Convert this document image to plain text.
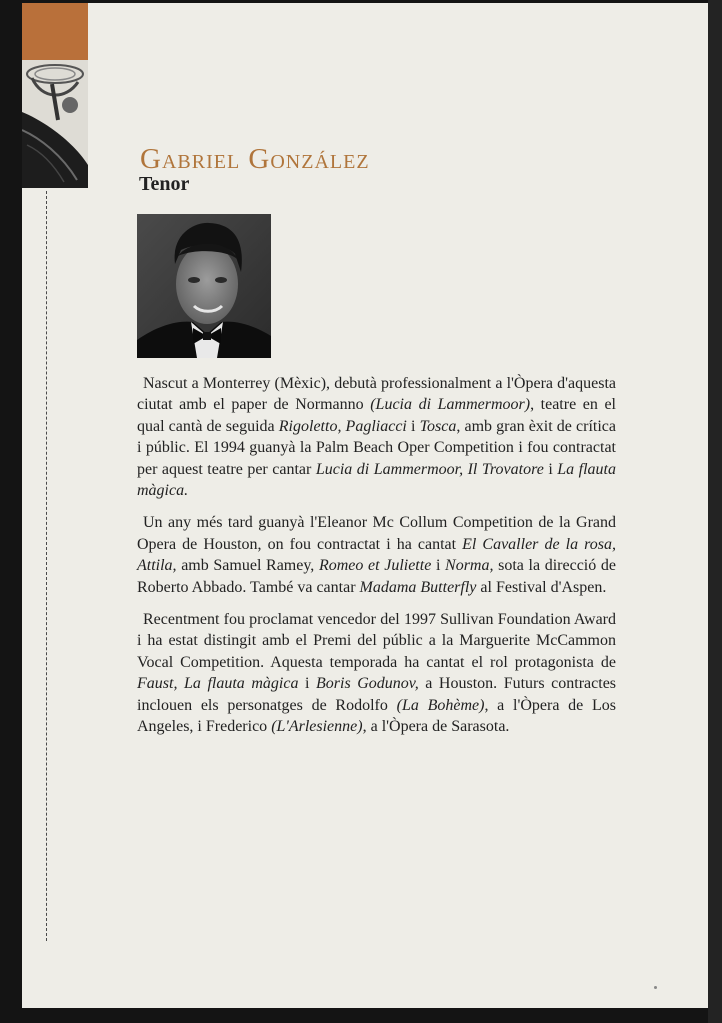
Gabriel González
Tenor

Nascut a Monterrey (Mèxic), debutà professionalment a l'Òpera d'aquesta ciutat amb el paper de Normanno (Lucia di Lammermoor), teatre en el qual cantà de seguida Rigoletto, Pagliacci i Tosca, amb gran èxit de crítica i públic. El 1994 guanyà la Palm Beach Oper Competition i fou contractat per aquest teatre per cantar Lucia di Lammermoor, Il Trovatore i La flauta màgica.

Un any més tard guanyà l'Eleanor Mc Collum Competition de la Grand Opera de Houston, on fou contractat i ha cantat El Cavaller de la rosa, Attila, amb Samuel Ramey, Romeo et Juliette i Norma, sota la direcció de Roberto Abbado. També va cantar Madama Butterfly al Festival d'Aspen.

Recentment fou proclamat vencedor del 1997 Sullivan Foundation Award i ha estat distingit amb el Premi del públic a la Marguerite McCammon Vocal Competition. Aquesta temporada ha cantat el rol protagonista de Faust, La flauta màgica i Boris Godunov, a Houston. Futurs contractes inclouen els personatges de Rodolfo (La Bohème), a l'Òpera de Los Angeles, i Frederico (L'Arlesienne), a l'Òpera de Sarasota.
